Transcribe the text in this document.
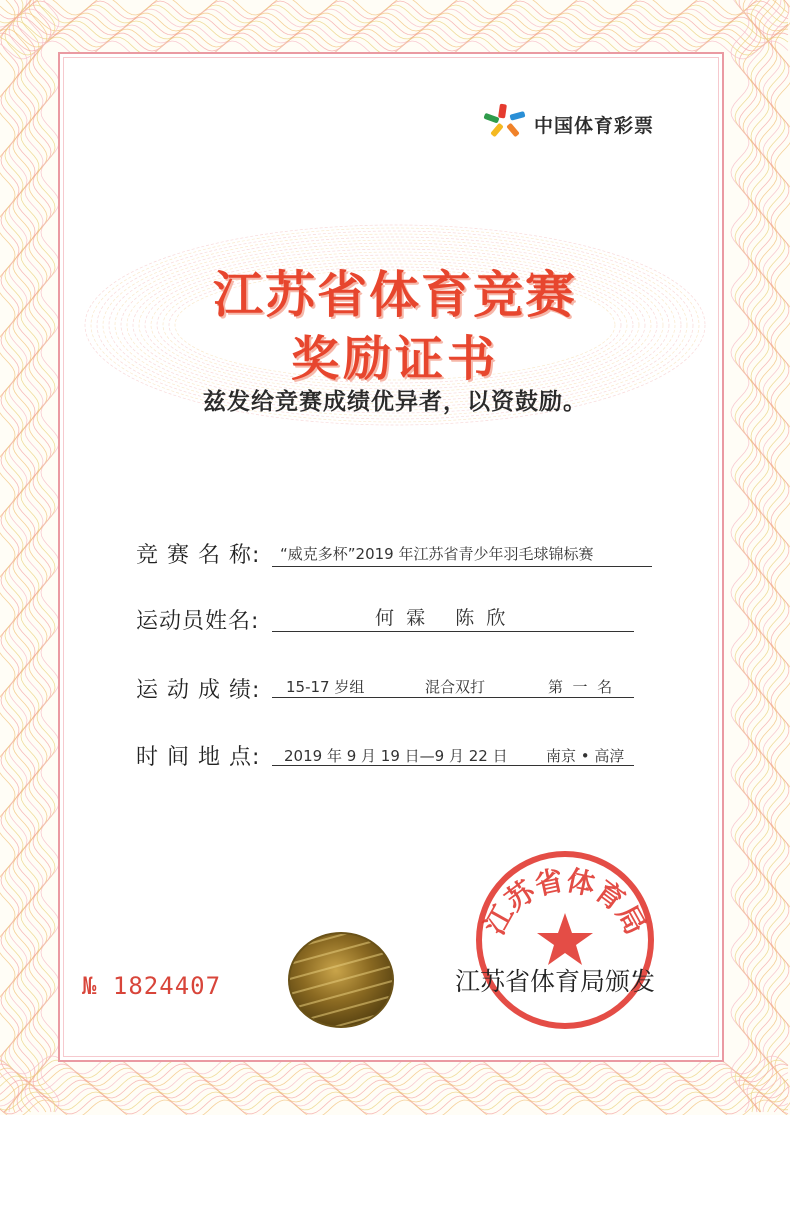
中国体育彩票
江苏省体育竞赛
奖励证书
兹发给竞赛成绩优异者，以资鼓励。
竞 赛 名 称: “威克多杯”2019 年江苏省青少年羽毛球锦标赛
运动员姓名:	何  霖     陈  欣
运 动 成 绩: 15-17 岁组	混合双打	第  一  名
时 间 地 点: 2019 年 9 月 19 日—9 月 22 日	南京 • 高淳
№ 1824407
江苏省体育局
江苏省体育局颁发
